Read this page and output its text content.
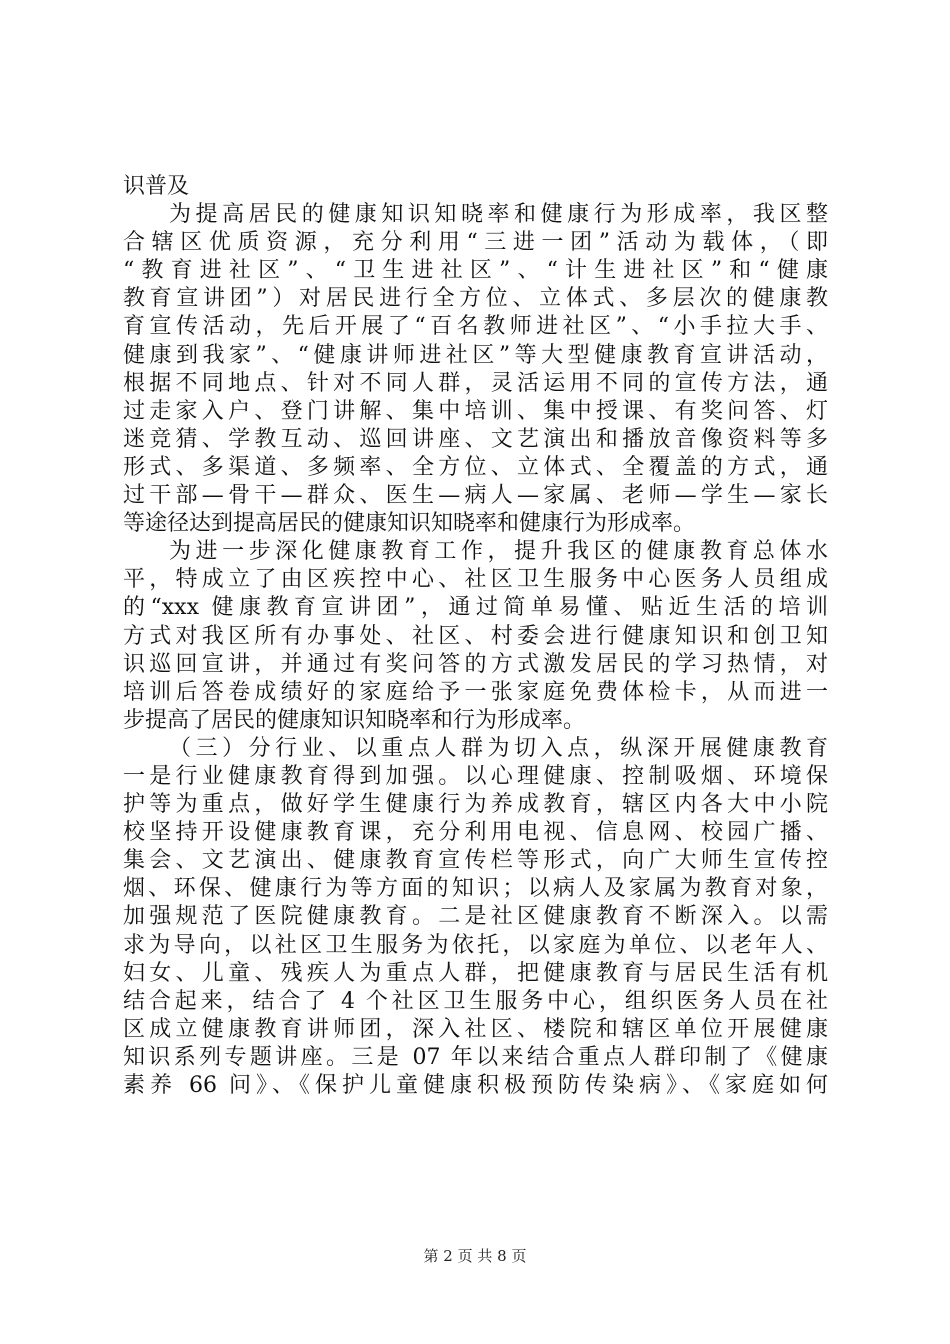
识普及
为提高居民的健康知识知晓率和健康行为形成率，我区整
合辖区优质资源，充分利用“三进一团”活动为载体，（即
“教育进社区”、“卫生进社区”、“计生进社区”和“健康
教育宣讲团”）对居民进行全方位、立体式、多层次的健康教
育宣传活动，先后开展了“百名教师进社区”、“小手拉大手、
健康到我家”、“健康讲师进社区”等大型健康教育宣讲活动，
根据不同地点、针对不同人群，灵活运用不同的宣传方法，通
过走家入户、登门讲解、集中培训、集中授课、有奖问答、灯
迷竞猜、学教互动、巡回讲座、文艺演出和播放音像资料等多
形式、多渠道、多频率、全方位、立体式、全覆盖的方式，通
过干部—骨干—群众、医生—病人—家属、老师—学生—家长
等途径达到提高居民的健康知识知晓率和健康行为形成率。
为进一步深化健康教育工作，提升我区的健康教育总体水
平，特成立了由区疾控中心、社区卫生服务中心医务人员组成
的“xxx 健康教育宣讲团”，通过简单易懂、贴近生活的培训
方式对我区所有办事处、社区、村委会进行健康知识和创卫知
识巡回宣讲，并通过有奖问答的方式激发居民的学习热情，对
培训后答卷成绩好的家庭给予一张家庭免费体检卡，从而进一
步提高了居民的健康知识知晓率和行为形成率。
（三）分行业、以重点人群为切入点，纵深开展健康教育
一是行业健康教育得到加强。以心理健康、控制吸烟、环境保
护等为重点，做好学生健康行为养成教育，辖区内各大中小院
校坚持开设健康教育课，充分利用电视、信息网、校园广播、
集会、文艺演出、健康教育宣传栏等形式，向广大师生宣传控
烟、环保、健康行为等方面的知识；以病人及家属为教育对象，
加强规范了医院健康教育。二是社区健康教育不断深入。以需
求为导向，以社区卫生服务为依托，以家庭为单位、以老年人、
妇女、儿童、残疾人为重点人群，把健康教育与居民生活有机
结合起来，结合了 4 个社区卫生服务中心，组织医务人员在社
区成立健康教育讲师团，深入社区、楼院和辖区单位开展健康
知识系列专题讲座。三是 07 年以来结合重点人群印制了《健康
素养 66 问》、《保护儿童健康积极预防传染病》、《家庭如何
第 2 页 共 8 页
